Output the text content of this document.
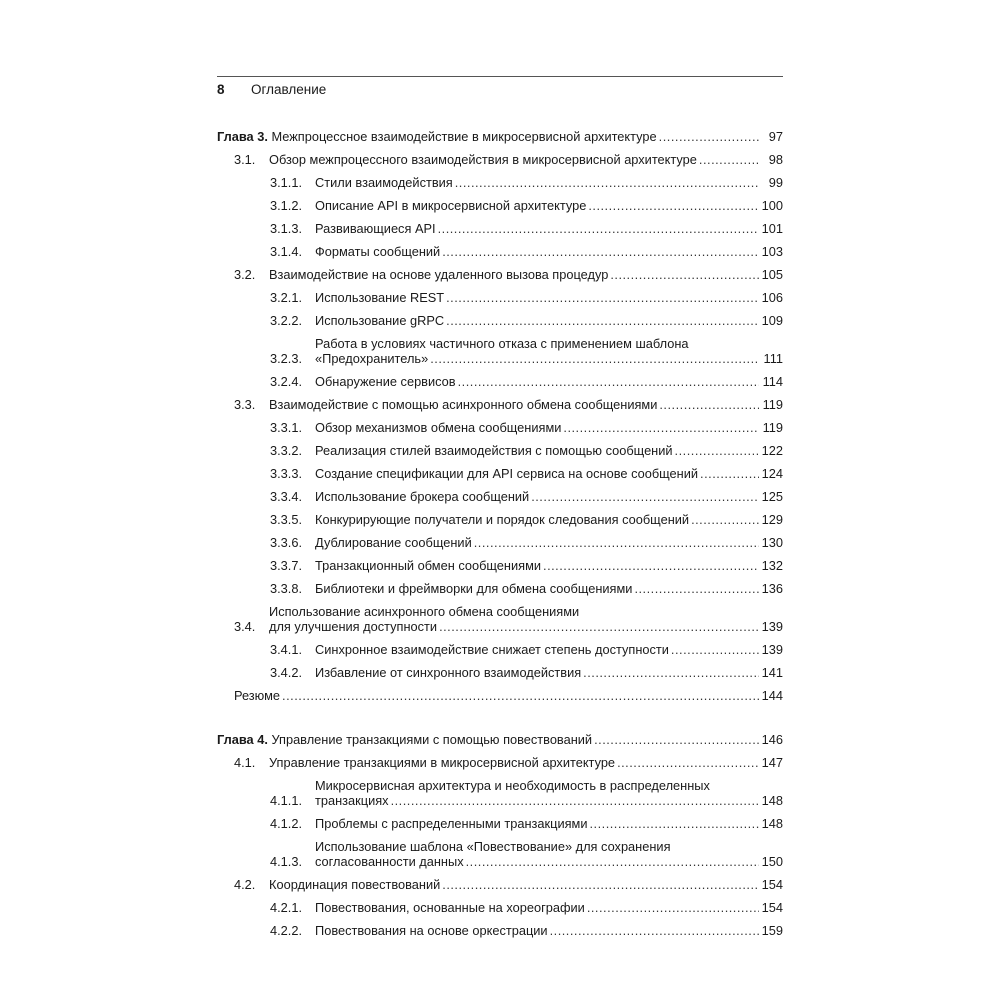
8	Оглавление
Глава 3. Межпроцессное взаимодействие в микросервисной архитектуре .....	97
3.1.	Обзор межпроцессного взаимодействия в микросервисной архитектуре .....	98
3.1.1.	Стили взаимодействия .....	99
3.1.2.	Описание API в микросервисной архитектуре .....	100
3.1.3.	Развивающиеся API .....	101
3.1.4.	Форматы сообщений .....	103
3.2.	Взаимодействие на основе удаленного вызова процедур .....	105
3.2.1.	Использование REST .....	106
3.2.2.	Использование gRPC .....	109
3.2.3.
Работа в условиях частичного отказа с применением шаблона
«Предохранитель» .....	111
3.2.4.	Обнаружение сервисов .....	114
3.3.	Взаимодействие с помощью асинхронного обмена сообщениями .....	119
3.3.1.	Обзор механизмов обмена сообщениями .....	119
3.3.2.	Реализация стилей взаимодействия с помощью сообщений .....	122
3.3.3.	Создание спецификации для API сервиса на основе сообщений .....	124
3.3.4.	Использование брокера сообщений .....	125
3.3.5.	Конкурирующие получатели и порядок следования сообщений .....	129
3.3.6.	Дублирование сообщений .....	130
3.3.7.	Транзакционный обмен сообщениями .....	132
3.3.8.	Библиотеки и фреймворки для обмена сообщениями .....	136
3.4.
Использование асинхронного обмена сообщениями
для улучшения доступности .....	139
3.4.1.	Синхронное взаимодействие снижает степень доступности .....	139
3.4.2.	Избавление от синхронного взаимодействия .....	141
Резюме .....	144
Глава 4. Управление транзакциями с помощью повествований .....	146
4.1.	Управление транзакциями в микросервисной архитектуре .....	147
4.1.1.
Микросервисная архитектура и необходимость в распределенных
транзакциях .....	148
4.1.2.	Проблемы с распределенными транзакциями .....	148
4.1.3.
Использование шаблона «Повествование» для сохранения
согласованности данных .....	150
4.2.	Координация повествований .....	154
4.2.1.	Повествования, основанные на хореографии .....	154
4.2.2.	Повествования на основе оркестрации .....	159
